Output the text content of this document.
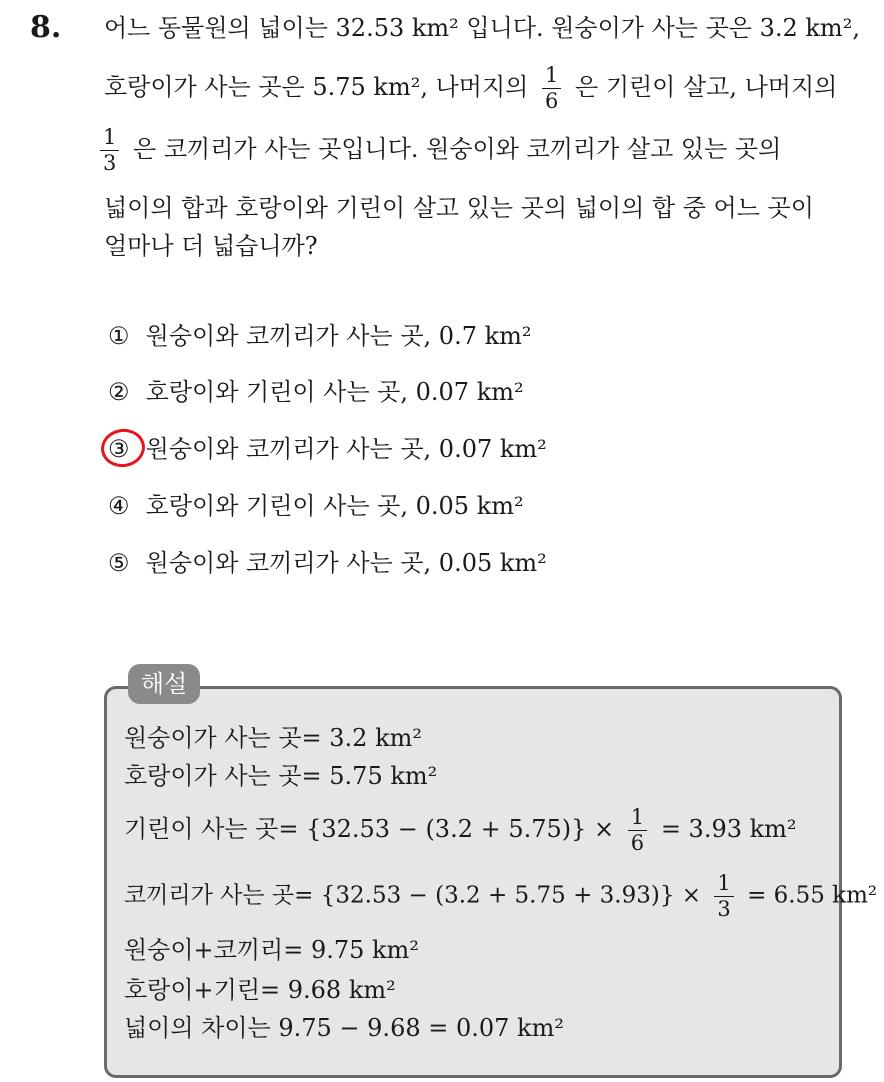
8. 어느 동물원의 넓이는 32.53 km² 입니다. 원숭이가 사는 곳은 3.2 km²,
호랑이가 사는 곳은 5.75 km², 나머지의 $\frac{1}{6}$ 은 기린이 살고, 나머지의
$\frac{1}{3}$ 은 코끼리가 사는 곳입니다. 원숭이와 코끼리가 살고 있는 곳의
넓이의 합과 호랑이와 기린이 살고 있는 곳의 넓이의 합 중 어느 곳이
얼마나 더 넓습니까?
① 원숭이와 코끼리가 사는 곳, 0.7 km²
② 호랑이와 기린이 사는 곳, 0.07 km²
③ 원숭이와 코끼리가 사는 곳, 0.07 km²
④ 호랑이와 기린이 사는 곳, 0.05 km²
⑤ 원숭이와 코끼리가 사는 곳, 0.05 km²
해설
원숭이가 사는 곳= 3.2 km²
호랑이가 사는 곳= 5.75 km²
기린이 사는 곳= $\{32.53 - (3.2 + 5.75)\} \times \frac{1}{6} = 3.93$ km²
코끼리가 사는 곳= $\{32.53 - (3.2 + 5.75 + 3.93)\} \times \frac{1}{3} = 6.55$ km²
원숭이+코끼리= 9.75 km²
호랑이+기린= 9.68 km²
넓이의 차이는 9.75 − 9.68 = 0.07 km²
